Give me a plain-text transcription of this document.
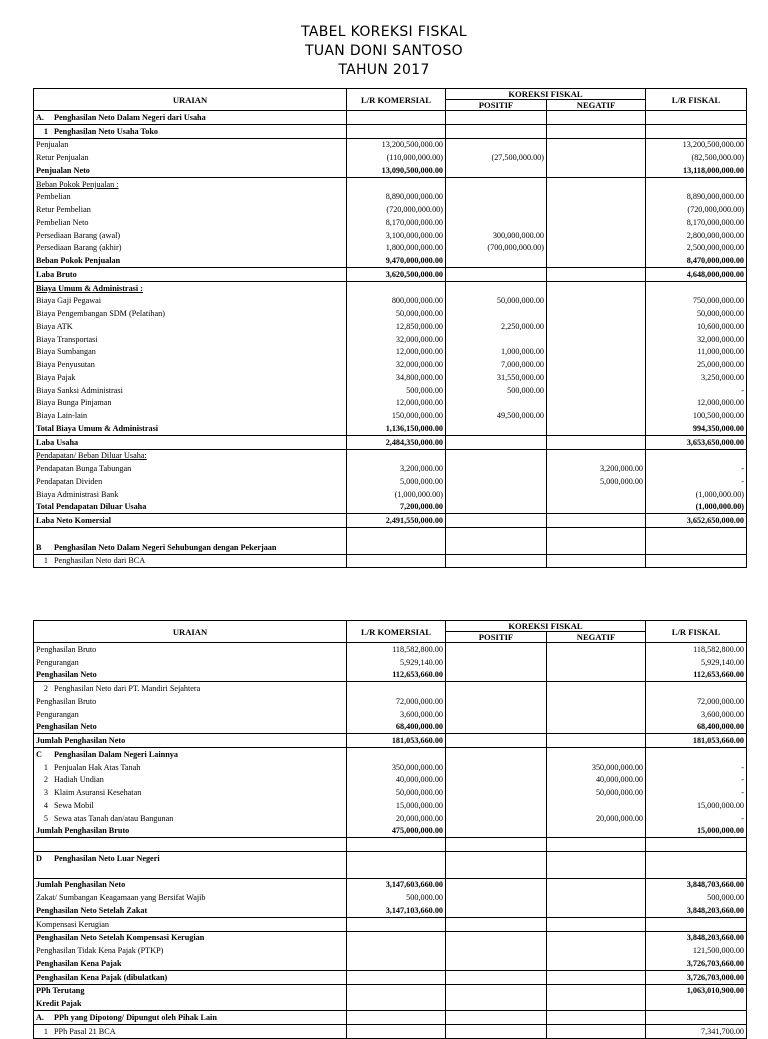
TABEL KOREKSI FISKAL
TUAN DONI SANTOSO
TAHUN 2017
URAIAN	L/R KOMERSIAL	KOREKSI FISKAL		L/R FISKAL
		POSITIF	NEGATIF	
A. Penghasilan Neto Dalam Negeri dari Usaha				
1 Penghasilan Neto Usaha Toko				
Penjualan	13,200,500,000.00			13,200,500,000.00
Retur Penjualan	(110,000,000.00)	(27,500,000.00)		(82,500,000.00)
Penjualan Neto	13,090,500,000.00			13,118,000,000.00
Beban Pokok Penjualan :				
Pembelian	8,890,000,000.00			8,890,000,000.00
Retur Pembelian	(720,000,000.00)			(720,000,000.00)
Pembelian Neto	8,170,000,000.00			8,170,000,000.00
Persediaan Barang (awal)	3,100,000,000.00	300,000,000.00		2,800,000,000.00
Persediaan Barang (akhir)	1,800,000,000.00	(700,000,000.00)		2,500,000,000.00
Beban Pokok Penjualan	9,470,000,000.00			8,470,000,000.00
Laba Bruto	3,620,500,000.00			4,648,000,000.00
Biaya Umum & Administrasi :				
Biaya Gaji Pegawai	800,000,000.00	50,000,000.00		750,000,000.00
Biaya Pengembangan SDM (Pelatihan)	50,000,000.00			50,000,000.00
Biaya ATK	12,850,000.00	2,250,000.00		10,600,000.00
Biaya Transportasi	32,000,000.00			32,000,000.00
Biaya Sumbangan	12,000,000.00	1,000,000.00		11,000,000.00
Biaya Penyusutan	32,000,000.00	7,000,000.00		25,000,000.00
Biaya Pajak	34,800,000.00	31,550,000.00		3,250,000.00
Biaya Sanksi Administrasi	500,000.00	500,000.00		-
Biaya Bunga Pinjaman	12,000,000.00			12,000,000.00
Biaya Lain-lain	150,000,000.00	49,500,000.00		100,500,000.00
Total Biaya Umum & Administrasi	1,136,150,000.00			994,350,000.00
Laba Usaha	2,484,350,000.00			3,653,650,000.00
Pendapatan/ Beban Diluar Usaha:				
Pendapatan Bunga Tabungan	3,200,000.00		3,200,000.00	-
Pendapatan Dividen	5,000,000.00		5,000,000.00	-
Biaya Administrasi Bank	(1,000,000.00)			(1,000,000.00)
Total Pendapatan Diluar Usaha	7,200,000.00			(1,000,000.00)
Laba Neto Komersial	2,491,550,000.00			3,652,650,000.00

B Penghasilan Neto Dalam Negeri Sehubungan dengan Pekerjaan				
1 Penghasilan Neto dari BCA				
URAIAN	L/R KOMERSIAL	KOREKSI FISKAL		L/R FISKAL
		POSITIF	NEGATIF	
Penghasilan Bruto	118,582,800.00			118,582,800.00
Pengurangan	5,929,140.00			5,929,140.00
Penghasilan Neto	112,653,660.00			112,653,660.00
2 Penghasilan Neto dari PT. Mandiri Sejahtera				
Penghasilan Bruto	72,000,000.00			72,000,000.00
Pengurangan	3,600,000.00			3,600,000.00
Penghasilan Neto	68,400,000.00			68,400,000.00
Jumlah Penghasilan Neto	181,053,660.00			181,053,660.00
C Penghasilan Dalam Negeri Lainnya				
1 Penjualan Hak Atas Tanah	350,000,000.00		350,000,000.00	-
2 Hadiah Undian	40,000,000.00		40,000,000.00	-
3 Klaim Asuransi Kesehatan	50,000,000.00		50,000,000.00	-
4 Sewa Mobil	15,000,000.00			15,000,000.00
5 Sewa atas Tanah dan/atau Bangunan	20,000,000.00		20,000,000.00	-
Jumlah Penghasilan Bruto	475,000,000.00			15,000,000.00

D Penghasilan Neto Luar Negeri				

Jumlah Penghasilan Neto	3,147,603,660.00			3,848,703,660.00
Zakat/ Sumbangan Keagamaan yang Bersifat Wajib	500,000.00			500,000.00
Penghasilan Neto Setelah Zakat	3,147,103,660.00			3,848,203,660.00
Kompensasi Kerugian				
Penghasilan Neto Setelah Kompensasi Kerugian				3,848,203,660.00
Penghasilan Tidak Kena Pajak (PTKP)				121,500,000.00
Penghasilan Kena Pajak				3,726,703,660.00
Penghasilan Kena Pajak (dibulatkan)				3,726,703,000.00
PPh Terutang				1,063,010,900.00
Kredit Pajak				
A. PPh yang Dipotong/ Dipungut oleh Pihak Lain				
1 PPh Pasal 21 BCA				7,341,700.00
